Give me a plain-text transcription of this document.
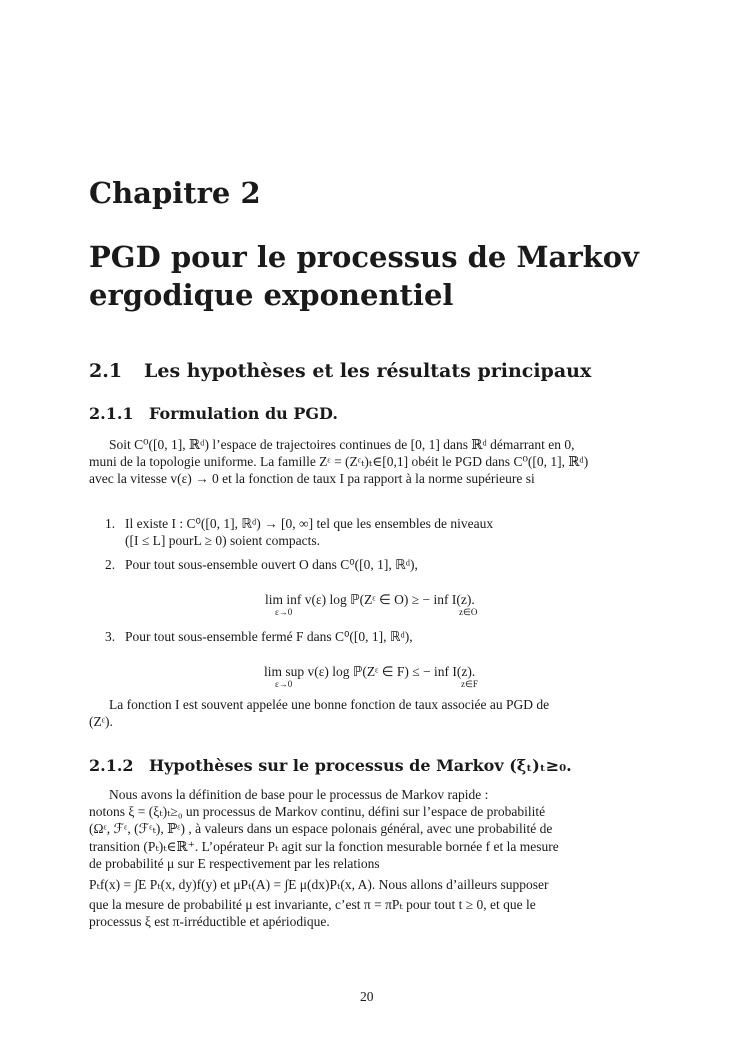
Chapitre 2
PGD pour le processus de Markov ergodique exponentiel
2.1 Les hypothèses et les résultats principaux
2.1.1 Formulation du PGD.
Soit C⁰([0, 1], ℝᵈ) l’espace de trajectoires continues de [0, 1] dans ℝᵈ démarrant en 0,
muni de la topologie uniforme. La famille Zᵋ = (Zᵋₜ)ₜ∈[0,1] obéit le PGD dans C⁰([0, 1], ℝᵈ)
avec la vitesse v(ε) → 0 et la fonction de taux I pa rapport à la norme supérieure si
1. Il existe I : C⁰([0, 1], ℝᵈ) → [0, ∞] tel que les ensembles de niveaux
([I ≤ L] pourL ≥ 0) soient compacts.
2. Pour tout sous-ensemble ouvert O dans C⁰([0, 1], ℝᵈ),
lim inf v(ε) log ℙ(Zᵋ ∈ O) ≥ − inf I(z).
ε→0	z∈O
3. Pour tout sous-ensemble fermé F dans C⁰([0, 1], ℝᵈ),
lim sup v(ε) log ℙ(Zᵋ ∈ F) ≤ − inf I(z).
ε→0	z∈F
La fonction I est souvent appelée une bonne fonction de taux associée au PGD de
(Zᵋ).
2.1.2 Hypothèses sur le processus de Markov (ξₜ)ₜ≥₀.
Nous avons la définition de base pour le processus de Markov rapide :
notons ξ = (ξₜ)ₜ≥₀ un processus de Markov continu, défini sur l’espace de probabilité
(Ωᵋ, ℱᵋ, (ℱᵋₜ), ℙᵋ) , à valeurs dans un espace polonais général, avec une probabilité de
transition (Pₜ)ₜ∈ℝ⁺. L’opérateur Pₜ agit sur la fonction mesurable bornée f et la mesure
de probabilité μ sur E respectivement par les relations
Pₜf(x) = ∫E Pₜ(x, dy)f(y) et μPₜ(A) = ∫E μ(dx)Pₜ(x, A). Nous allons d’ailleurs supposer
que la mesure de probabilité μ est invariante, c’est π = πPₜ pour tout t ≥ 0, et que le
processus ξ est π-irréductible et apériodique.
20
